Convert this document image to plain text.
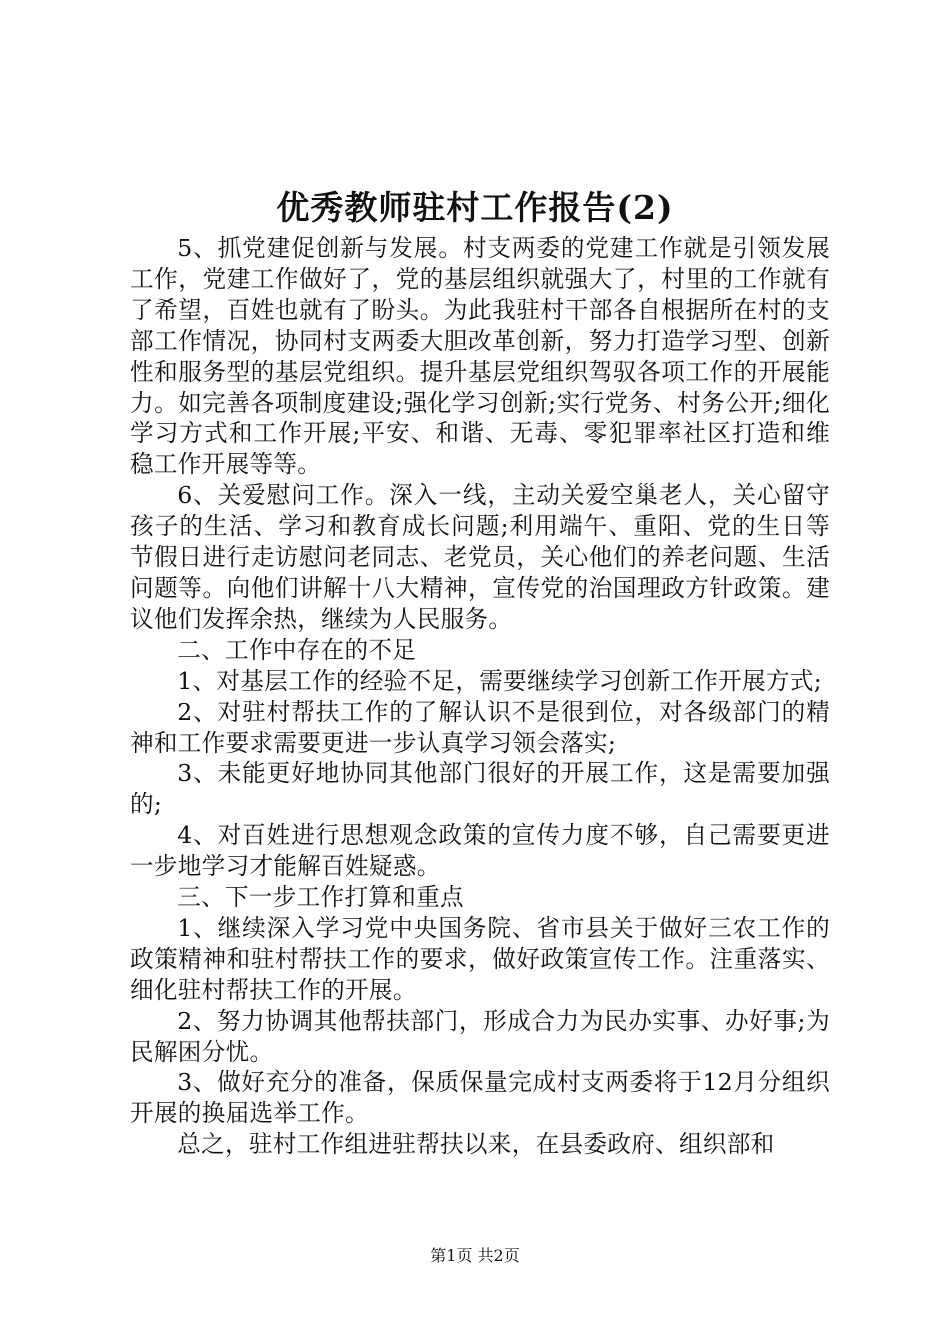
优秀教师驻村工作报告(2)

5、抓党建促创新与发展。村支两委的党建工作就是引领发展工作，党建工作做好了，党的基层组织就强大了，村里的工作就有了希望，百姓也就有了盼头。为此我驻村干部各自根据所在村的支部工作情况，协同村支两委大胆改革创新，努力打造学习型、创新性和服务型的基层党组织。提升基层党组织驾驭各项工作的开展能力。如完善各项制度建设;强化学习创新;实行党务、村务公开;细化学习方式和工作开展;平安、和谐、无毒、零犯罪率社区打造和维稳工作开展等等。

6、关爱慰问工作。深入一线，主动关爱空巢老人，关心留守孩子的生活、学习和教育成长问题;利用端午、重阳、党的生日等节假日进行走访慰问老同志、老党员，关心他们的养老问题、生活问题等。向他们讲解十八大精神，宣传党的治国理政方针政策。建议他们发挥余热，继续为人民服务。

二、工作中存在的不足

1、对基层工作的经验不足，需要继续学习创新工作开展方式;

2、对驻村帮扶工作的了解认识不是很到位，对各级部门的精神和工作要求需要更进一步认真学习领会落实;

3、未能更好地协同其他部门很好的开展工作，这是需要加强的;

4、对百姓进行思想观念政策的宣传力度不够，自己需要更进一步地学习才能解百姓疑惑。

三、下一步工作打算和重点

1、继续深入学习党中央国务院、省市县关于做好三农工作的政策精神和驻村帮扶工作的要求，做好政策宣传工作。注重落实、细化驻村帮扶工作的开展。

2、努力协调其他帮扶部门，形成合力为民办实事、办好事;为民解困分忧。

3、做好充分的准备，保质保量完成村支两委将于12月分组织开展的换届选举工作。

总之，驻村工作组进驻帮扶以来，在县委政府、组织部和

第1页 共2页
